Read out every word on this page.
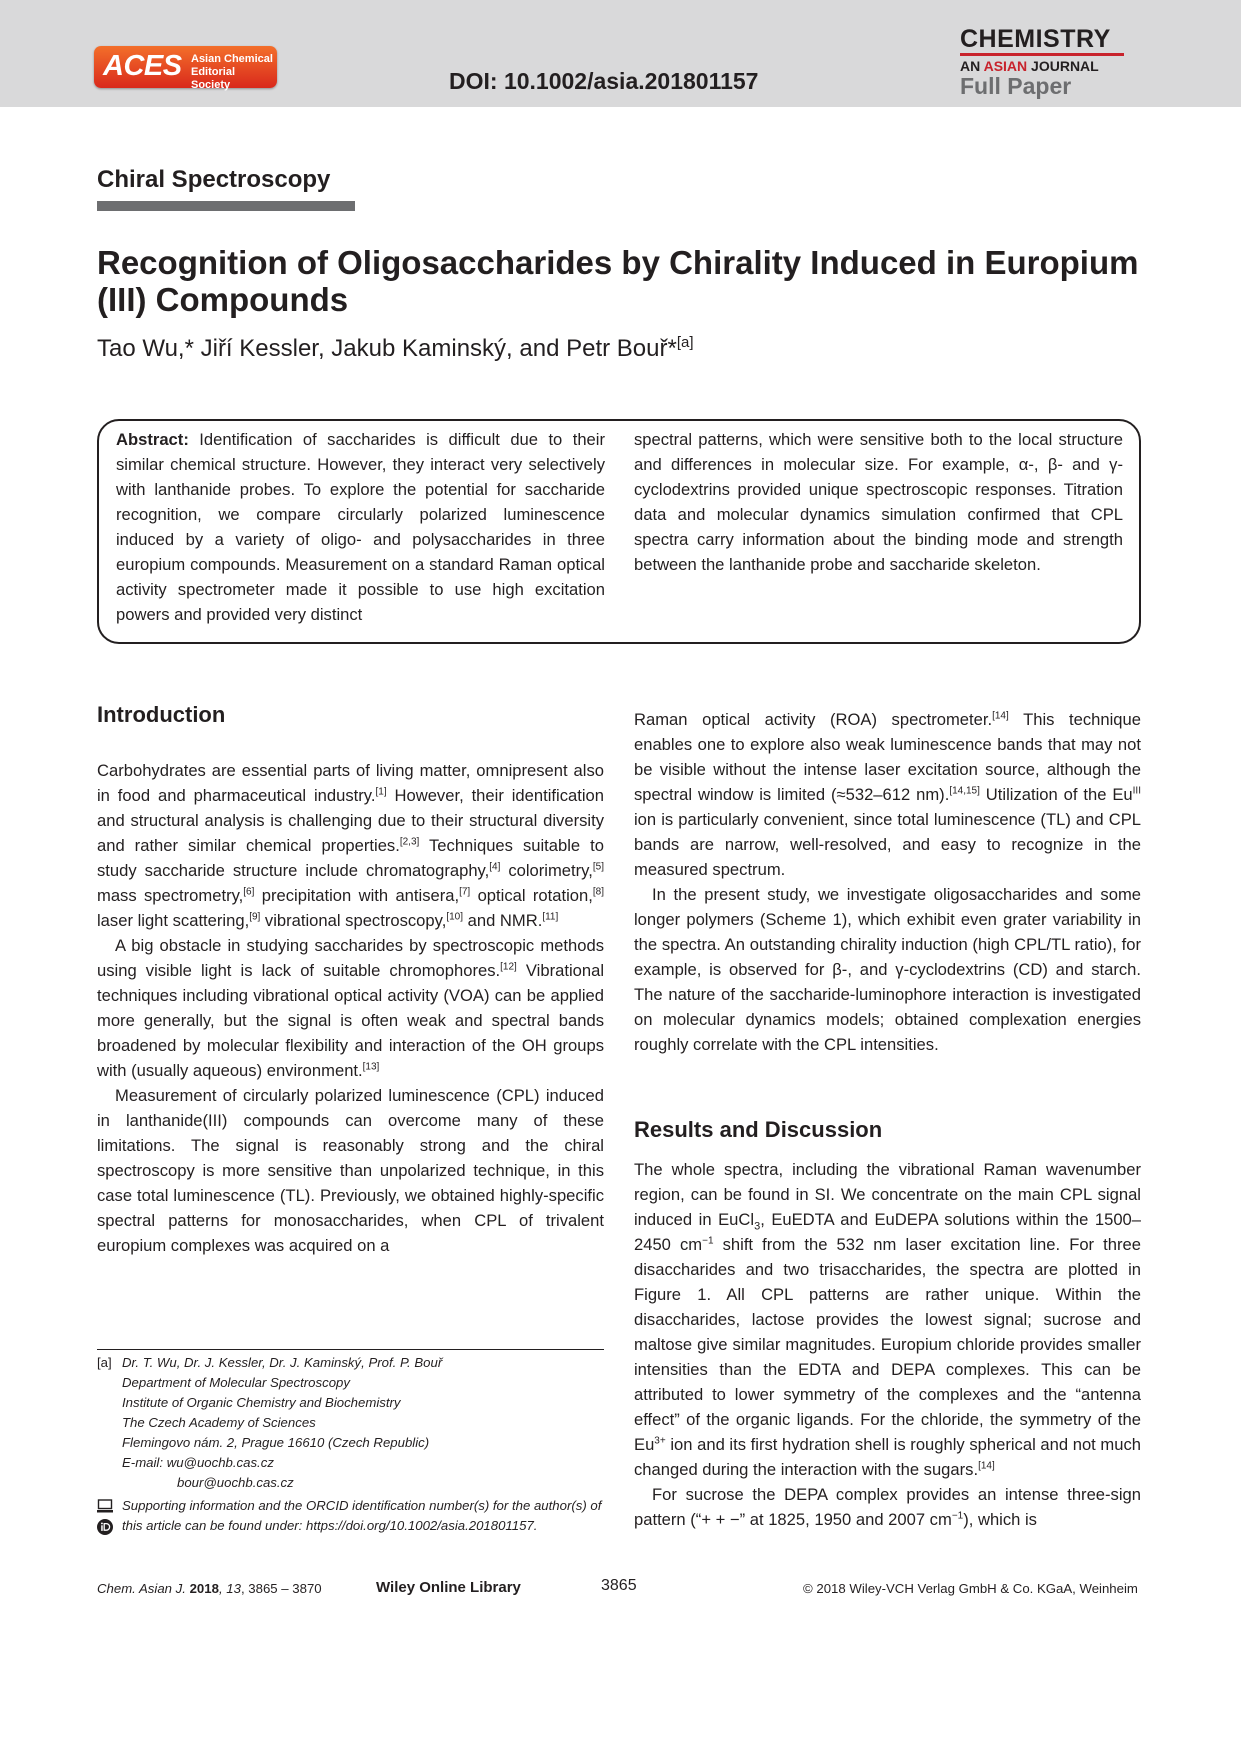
ACES Asian Chemical
Editorial Society	DOI: 10.1002/asia.201801157
CHEMISTRY
AN ASIAN JOURNAL
Full Paper
Chiral Spectroscopy
Recognition of Oligosaccharides by Chirality Induced in Europium (III) Compounds
Tao Wu,* Jiří Kessler, Jakub Kaminský, and Petr Bouř*[a]
Abstract: Identification of saccharides is difficult due to their similar chemical structure. However, they interact very selectively with lanthanide probes. To explore the potential for saccharide recognition, we compare circularly polarized luminescence induced by a variety of oligo- and polysaccharides in three europium compounds. Measurement on a standard Raman optical activity spectrometer made it possible to use high excitation powers and provided very distinct
spectral patterns, which were sensitive both to the local structure and differences in molecular size. For example, α-, β- and γ-cyclodextrins provided unique spectroscopic responses. Titration data and molecular dynamics simulation confirmed that CPL spectra carry information about the binding mode and strength between the lanthanide probe and saccharide skeleton.
Introduction

Carbohydrates are essential parts of living matter, omnipresent also in food and pharmaceutical industry.[1] However, their identification and structural analysis is challenging due to their structural diversity and rather similar chemical properties.[2,3] Techniques suitable to study saccharide structure include chromatography,[4] colorimetry,[5] mass spectrometry,[6] precipitation with antisera,[7] optical rotation,[8] laser light scattering,[9] vibrational spectroscopy,[10] and NMR.[11]

A big obstacle in studying saccharides by spectroscopic methods using visible light is lack of suitable chromophores.[12] Vibrational techniques including vibrational optical activity (VOA) can be applied more generally, but the signal is often weak and spectral bands broadened by molecular flexibility and interaction of the OH groups with (usually aqueous) environment.[13]

Measurement of circularly polarized luminescence (CPL) induced in lanthanide(III) compounds can overcome many of these limitations. The signal is reasonably strong and the chiral spectroscopy is more sensitive than unpolarized technique, in this case total luminescence (TL). Previously, we obtained highly-specific spectral patterns for monosaccharides, when CPL of trivalent europium complexes was acquired on a

Raman optical activity (ROA) spectrometer.[14] This technique enables one to explore also weak luminescence bands that may not be visible without the intense laser excitation source, although the spectral window is limited (≈532–612 nm).[14,15] Utilization of the $Eu^{III}$ ion is particularly convenient, since total luminescence (TL) and CPL bands are narrow, well-resolved, and easy to recognize in the measured spectrum.

In the present study, we investigate oligosaccharides and some longer polymers (Scheme 1), which exhibit even grater variability in the spectra. An outstanding chirality induction (high CPL/TL ratio), for example, is observed for β-, and γ-cyclodextrins (CD) and starch. The nature of the saccharide-luminophore interaction is investigated on molecular dynamics models; obtained complexation energies roughly correlate with the CPL intensities.

Results and Discussion

The whole spectra, including the vibrational Raman wavenumber region, can be found in SI. We concentrate on the main CPL signal induced in EuCl$_3$, EuEDTA and EuDEPA solutions within the 1500–2450 $cm^{-1}$ shift from the 532 nm laser excitation line. For three disaccharides and two trisaccharides, the spectra are plotted in Figure 1. All CPL patterns are rather unique. Within the disaccharides, lactose provides the lowest signal; sucrose and maltose give similar magnitudes. Europium chloride provides smaller intensities than the EDTA and DEPA complexes. This can be attributed to lower symmetry of the complexes and the “antenna effect” of the organic ligands. For the chloride, the symmetry of the $Eu^{3+}$ ion and its first hydration shell is roughly spherical and not much changed during the interaction with the sugars.[14]

For sucrose the DEPA complex provides an intense three-sign pattern (“+ + −” at 1825, 1950 and 2007 $cm^{-1}$), which is

[a] Dr. T. Wu, Dr. J. Kessler, Dr. J. Kaminský, Prof. P. Bouř
Department of Molecular Spectroscopy
Institute of Organic Chemistry and Biochemistry
The Czech Academy of Sciences
Flemingovo nám. 2, Prague 16610 (Czech Republic)
E-mail: wu@uochb.cas.cz
bour@uochb.cas.cz
Supporting information and the ORCID identification number(s) for the author(s) of this article can be found under: https://doi.org/10.1002/asia.201801157.
Chem. Asian J. 2018, 13, 3865 – 3870	Wiley Online Library	3865	© 2018 Wiley-VCH Verlag GmbH & Co. KGaA, Weinheim
